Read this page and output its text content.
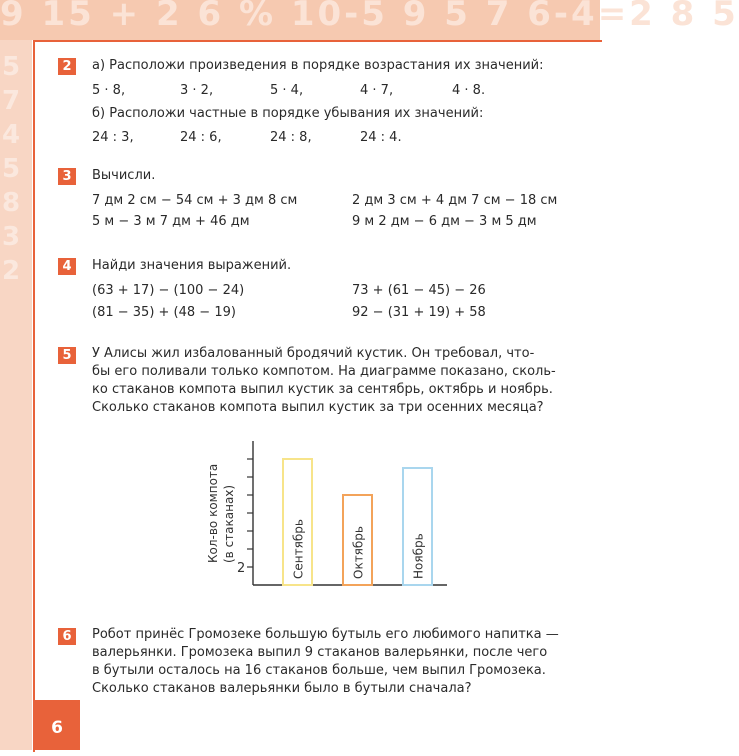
9 15 + 2 6 % 10-5 9 5 7 6-4=2 8 5
5 7 4 5 8 3 2
2	а) Расположи произведения в порядке возрастания их значений:
5 · 8,	3 · 2,	5 · 4,	4 · 7,	4 · 8.
б) Расположи частные в порядке убывания их значений:
24 : 3,	24 : 6,	24 : 8,	24 : 4.
3	Вычисли.
7 дм 2 см − 54 см + 3 дм 8 см	2 дм 3 см + 4 дм 7 см − 18 см
5 м − 3 м 7 дм + 46 дм	9 м 2 дм − 6 дм − 3 м 5 дм
4	Найди значения выражений.
(63 + 17) − (100 − 24)	73 + (61 − 45) − 26
(81 − 35) + (48 − 19)	92 − (31 + 19) + 58
5	У Алисы жил избалованный бродячий кустик. Он требовал, что-
бы его поливали только компотом. На диаграмме показано, сколь-
ко стаканов компота выпил кустик за сентябрь, октябрь и ноябрь.
Сколько стаканов компота выпил кустик за три осенних месяца?
2
Кол-во компота (в стаканах)	Сентябрь	Октябрь	Ноябрь
6	Робот принёс Громозеке большую бутыль его любимого напитка —
валерьянки. Громозека выпил 9 стаканов валерьянки, после чего
в бутыли осталось на 16 стаканов больше, чем выпил Громозека.
Сколько стаканов валерьянки было в бутыли сначала?
6
